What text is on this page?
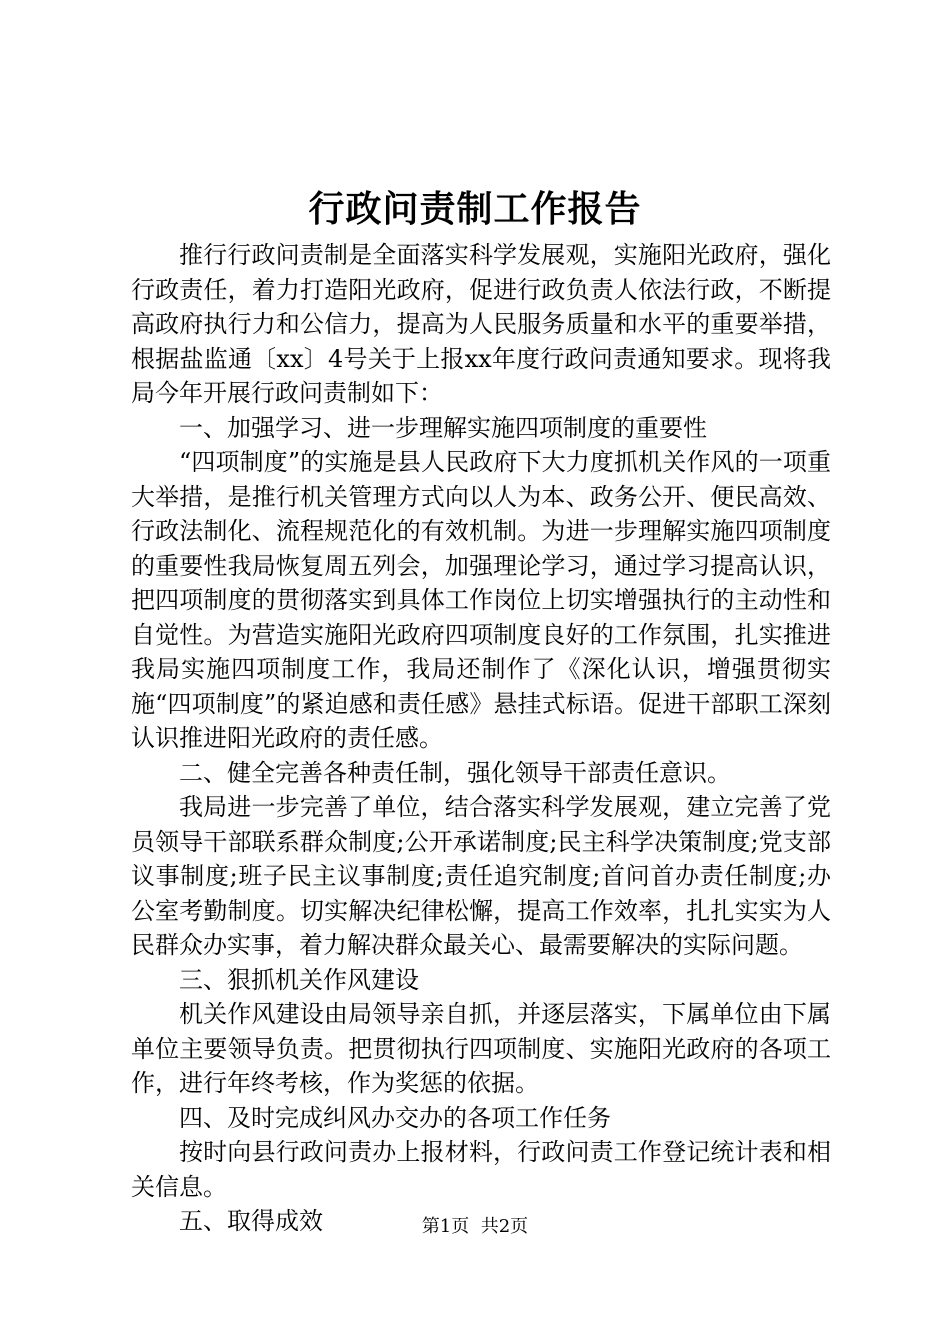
行政问责制工作报告

推行行政问责制是全面落实科学发展观，实施阳光政府，强化行政责任，着力打造阳光政府，促进行政负责人依法行政，不断提高政府执行力和公信力，提高为人民服务质量和水平的重要举措，根据盐监通〔xx〕4号关于上报xx年度行政问责通知要求。现将我局今年开展行政问责制如下：

一、加强学习、进一步理解实施四项制度的重要性

“四项制度”的实施是县人民政府下大力度抓机关作风的一项重大举措，是推行机关管理方式向以人为本、政务公开、便民高效、行政法制化、流程规范化的有效机制。为进一步理解实施四项制度的重要性我局恢复周五列会，加强理论学习，通过学习提高认识，把四项制度的贯彻落实到具体工作岗位上切实增强执行的主动性和自觉性。为营造实施阳光政府四项制度良好的工作氛围，扎实推进我局实施四项制度工作，我局还制作了《深化认识，增强贯彻实施“四项制度”的紧迫感和责任感》悬挂式标语。促进干部职工深刻认识推进阳光政府的责任感。

二、健全完善各种责任制，强化领导干部责任意识。

我局进一步完善了单位，结合落实科学发展观，建立完善了党员领导干部联系群众制度;公开承诺制度;民主科学决策制度;党支部议事制度;班子民主议事制度;责任追究制度;首问首办责任制度;办公室考勤制度。切实解决纪律松懈，提高工作效率，扎扎实实为人民群众办实事，着力解决群众最关心、最需要解决的实际问题。

三、狠抓机关作风建设

机关作风建设由局领导亲自抓，并逐层落实，下属单位由下属单位主要领导负责。把贯彻执行四项制度、实施阳光政府的各项工作，进行年终考核，作为奖惩的依据。

四、及时完成纠风办交办的各项工作任务

按时向县行政问责办上报材料，行政问责工作登记统计表和相关信息。

五、取得成效	第1页 共2页
